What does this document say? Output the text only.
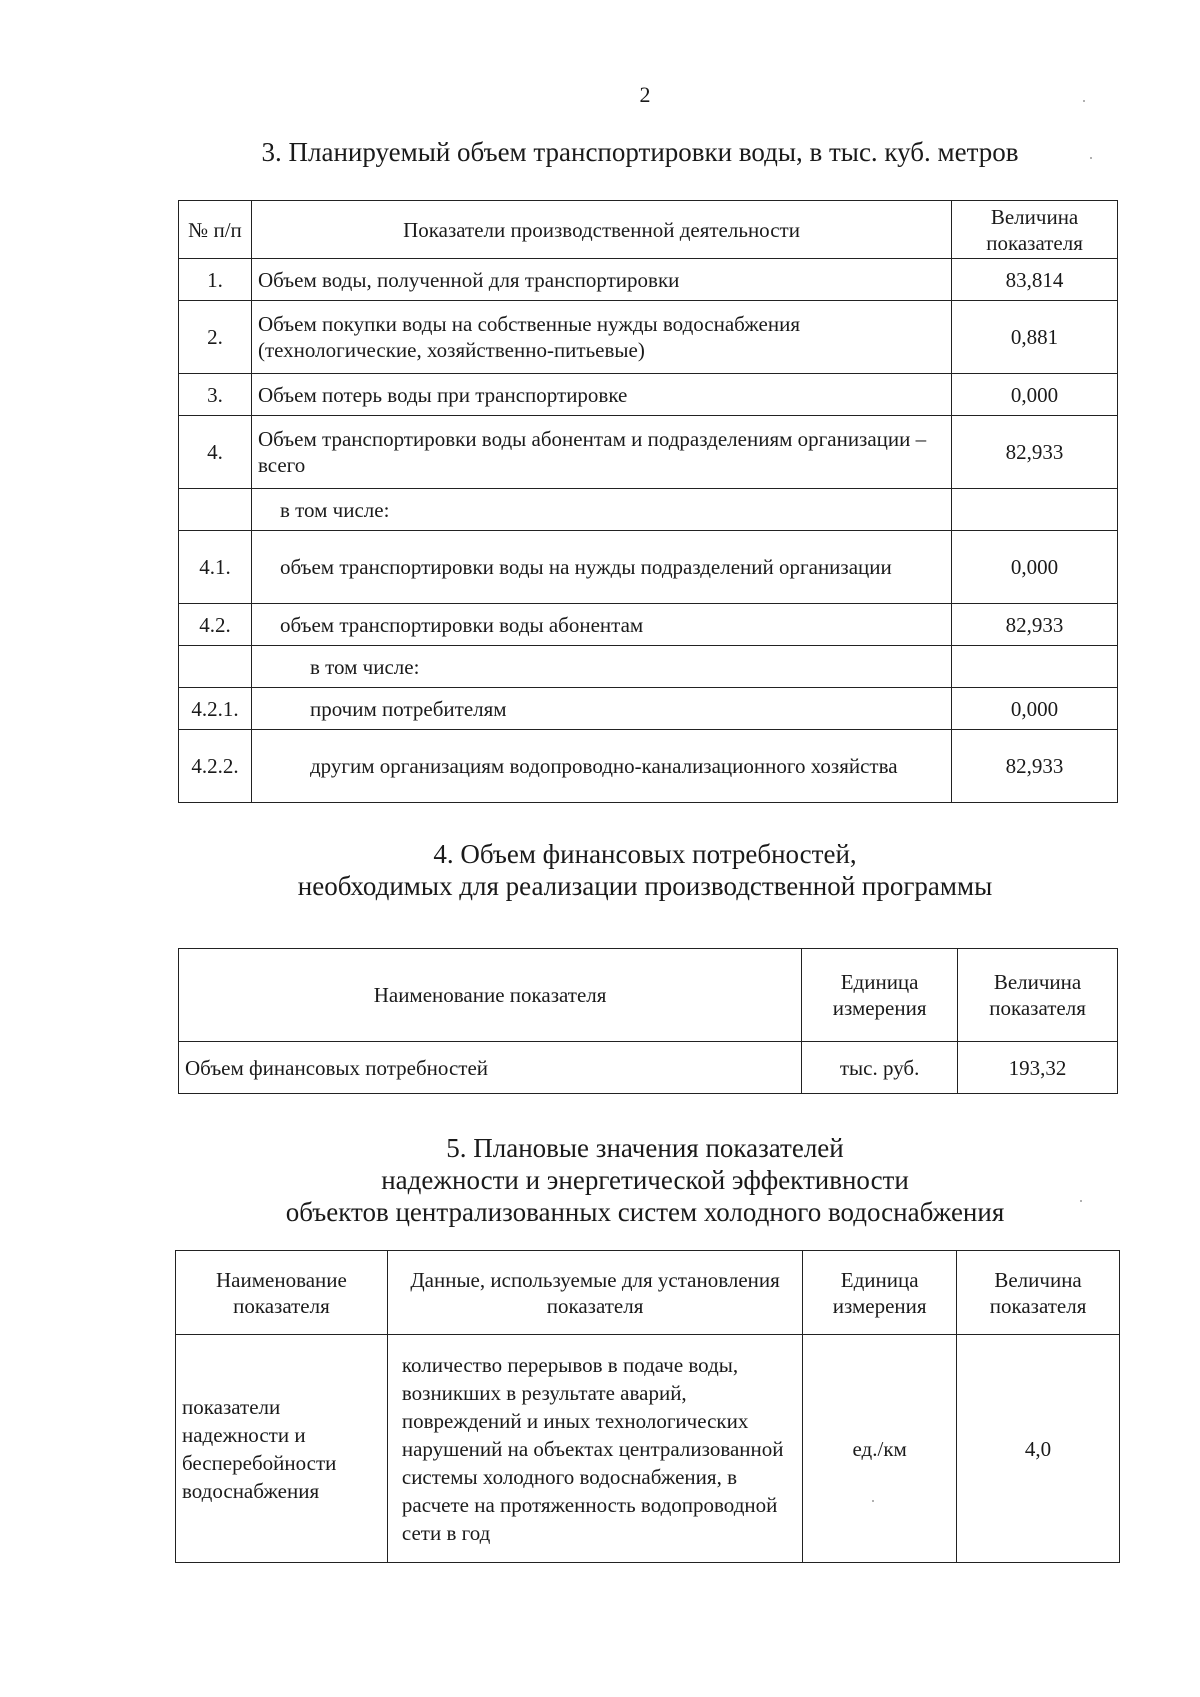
2
3. Планируемый объем транспортировки воды, в тыс. куб. метров
№ п/п	Показатели производственной деятельности	Величина показателя
1.	Объем воды, полученной для транспортировки	83,814
2.	Объем покупки воды на собственные нужды водоснабжения (технологические, хозяйственно-питьевые)	0,881
3.	Объем потерь воды при транспортировке	0,000
4.	Объем транспортировки воды абонентам и подразделениям организации – всего	82,933
	в том числе:	
4.1.	объем транспортировки воды на нужды подразделений организации	0,000
4.2.	объем транспортировки воды абонентам	82,933
	в том числе:	
4.2.1.	прочим потребителям	0,000
4.2.2.	другим организациям водопроводно-канализационного хозяйства	82,933
4. Объем финансовых потребностей,
необходимых для реализации производственной программы
Наименование показателя	Единица измерения	Величина показателя
Объем финансовых потребностей	тыс. руб.	193,32
5. Плановые значения показателей
надежности и энергетической эффективности
объектов централизованных систем холодного водоснабжения
Наименование показателя	Данные, используемые для установления показателя	Единица измерения	Величина показателя
показатели надежности и бесперебойности водоснабжения	количество перерывов в подаче воды, возникших в результате аварий, повреждений и иных технологических нарушений на объектах централизованной системы холодного водоснабжения, в расчете на протяженность водопроводной сети в год	ед./км	4,0
